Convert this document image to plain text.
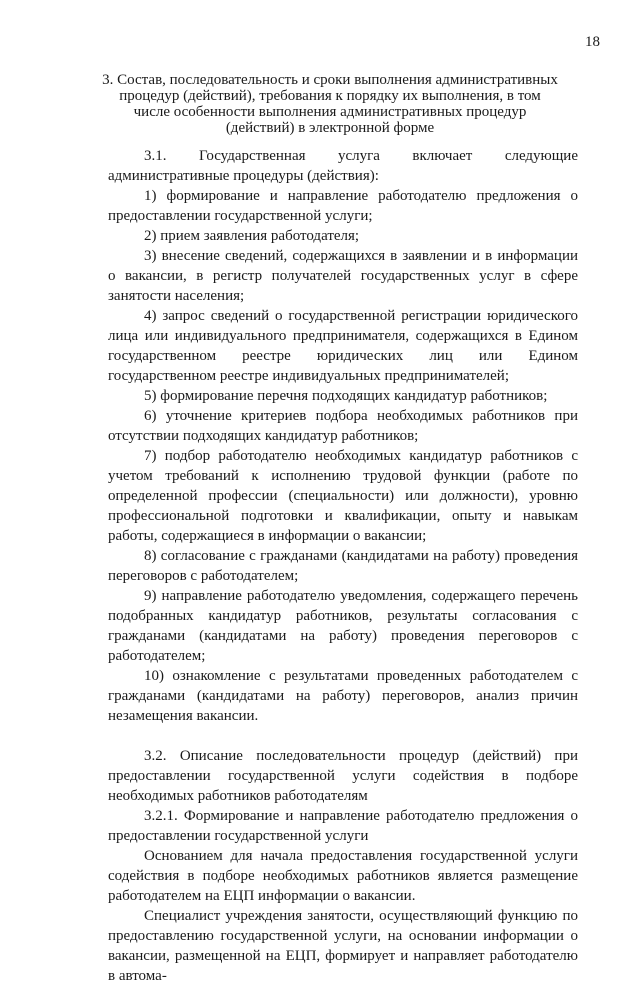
18
3. Состав, последовательность и сроки выполнения административных процедур (действий), требования к порядку их выполнения, в том числе особенности выполнения административных процедур (действий) в электронной форме

3.1. Государственная услуга включает следующие административные процедуры (действия):

1) формирование и направление работодателю предложения о предоставлении государственной услуги;

2) прием заявления работодателя;

3) внесение сведений, содержащихся в заявлении и в информации о вакансии, в регистр получателей государственных услуг в сфере занятости населения;

4) запрос сведений о государственной регистрации юридического лица или индивидуального предпринимателя, содержащихся в Едином государственном реестре юридических лиц или Едином государственном реестре индивидуальных предпринимателей;

5) формирование перечня подходящих кандидатур работников;

6) уточнение критериев подбора необходимых работников при отсутствии подходящих кандидатур работников;

7) подбор работодателю необходимых кандидатур работников с учетом требований к исполнению трудовой функции (работе по определенной профессии (специальности) или должности), уровню профессиональной подготовки и квалификации, опыту и навыкам работы, содержащиеся в информации о вакансии;

8) согласование с гражданами (кандидатами на работу) проведения переговоров с работодателем;

9) направление работодателю уведомления, содержащего перечень подобранных кандидатур работников, результаты согласования с гражданами (кандидатами на работу) проведения переговоров с работодателем;

10) ознакомление с результатами проведенных работодателем с гражданами (кандидатами на работу) переговоров, анализ причин незамещения вакансии.

3.2. Описание последовательности процедур (действий) при предоставлении государственной услуги содействия в подборе необходимых работников работодателям

3.2.1. Формирование и направление работодателю предложения о предоставлении государственной услуги

Основанием для начала предоставления государственной услуги содействия в подборе необходимых работников является размещение работодателем на ЕЦП информации о вакансии.

Специалист учреждения занятости, осуществляющий функцию по предоставлению государственной услуги, на основании информации о вакансии, размещенной на ЕЦП, формирует и направляет работодателю в автома-
